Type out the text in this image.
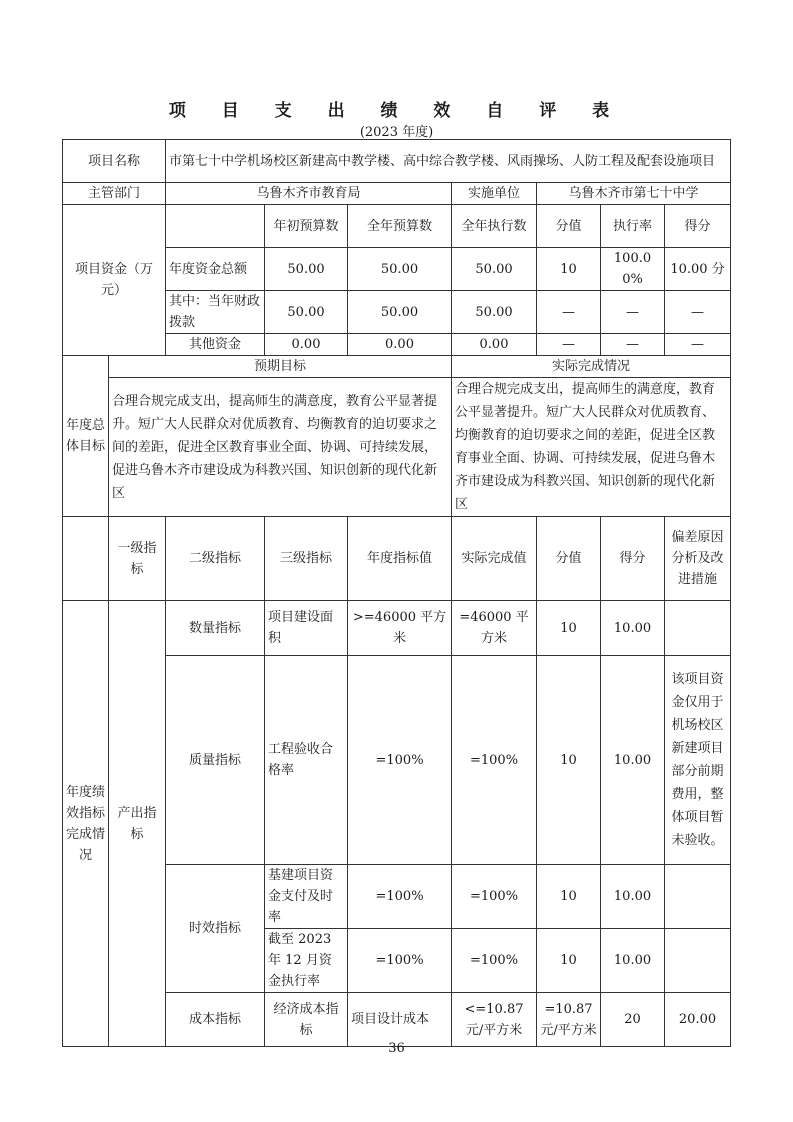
项 目 支 出 绩 效 自 评 表
(2023 年度)
项目名称		市第七十中学机场校区新建高中教学楼、高中综合教学楼、风雨操场、人防工程及配套设施项目							
主管部门		乌鲁木齐市教育局			实施单位	乌鲁木齐市第七十中学			
项目资金（万元）			年初预算数	全年预算数	全年执行数	分值	执行率	得分	
		年度资金总额	50.00	50.00	50.00	10	100.00%	10.00 分	
		其中：当年财政拨款	50.00	50.00	50.00	—	—	—	
		其他资金	0.00	0.00	0.00	—	—	—	
年度总体目标	预期目标				实际完成情况				
	合理合规完成支出，提高师生的满意度，教育公平显著提升。短广大人民群众对优质教育、均衡教育的迫切要求之间的差距，促进全区教育事业全面、协调、可持续发展，促进乌鲁木齐市建设成为科教兴国、知识创新的现代化新区				合理合规完成支出，提高师生的满意度，教育公平显著提升。短广大人民群众对优质教育、均衡教育的迫切要求之间的差距，促进全区教育事业全面、协调、可持续发展，促进乌鲁木齐市建设成为科教兴国、知识创新的现代化新区				
	一级指标	二级指标	三级指标	年度指标值	实际完成值	分值	得分	偏差原因分析及改进措施	
年度绩效指标完成情况	产出指标	数量指标	项目建设面积	>=46000 平方米	=46000 平方米	10	10.00		
		质量指标	工程验收合格率	=100%	=100%	10	10.00	该项目资金仅用于机场校区新建项目部分前期费用，整体项目暂未验收。	
		时效指标	基建项目资金支付及时率	=100%	=100%	10	10.00		
			截至 2023 年 12 月资金执行率	=100%	=100%	10	10.00		
		成本指标	经济成本指标	项目设计成本	<=10.87 元/平方米	=10.87 元/平方米	20	20.00	
36
